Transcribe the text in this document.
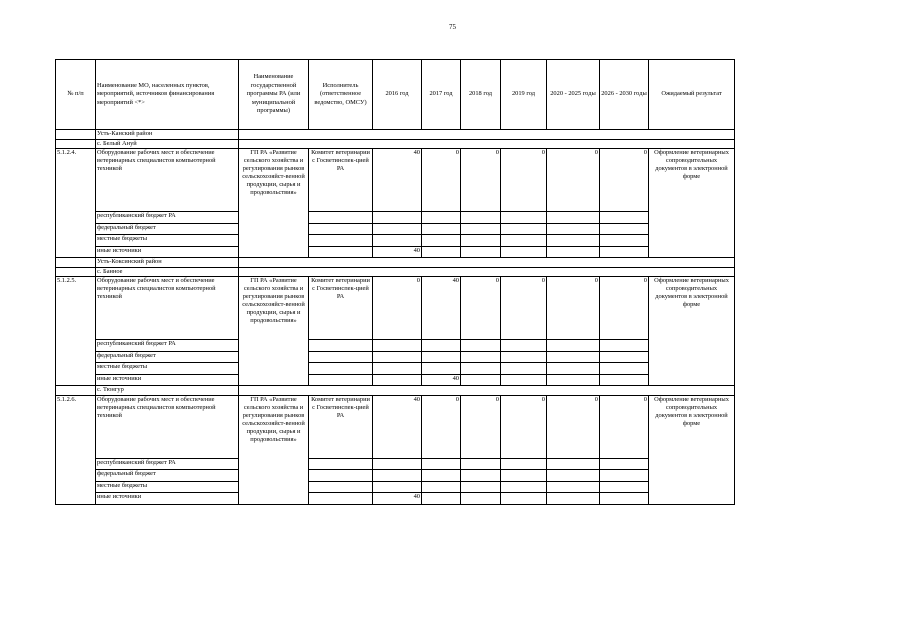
75
№ п/п	Наименование МО, населенных пунктов, мероприятий, источников финансирования мероприятий <*>	Наименование государственной программы РА (или муниципальной программы)	Исполнитель (ответственное ведомство, ОМСУ)	2016 год	2017 год	2018 год	2019 год	2020 - 2025 годы	2026 - 2030 годы	Ожидаемый результат
	Усть-Канский район									
	с. Белый Ануй									
5.1.2.4.	Оборудование рабочих мест и обеспечение ветеринарных специалистов компьютерной техникой	ГП РА «Развитие сельского хозяйства и регулирования рынков сельскохозяйст-венной продукции, сырья и продовольствия»	Комитет ветеринарии с Госветинспек-цией РА	40	0	0	0	0	0	Оформление ветеринарных сопроводительных документов в электронной форме
	республиканский бюджет РА									
	федеральный бюджет									
	местные бюджеты									
	иные источники			40						
	Усть-Коксинский район									
	с. Банное									
5.1.2.5.	Оборудование рабочих мест и обеспечение ветеринарных специалистов компьютерной техникой	ГП РА «Развитие сельского хозяйства и регулирования рынков сельскохозяйст-венной продукции, сырья и продовольствия»	Комитет ветеринарии с Госветинспек-цией РА	0	40	0	0	0	0	Оформление ветеринарных сопроводительных документов в электронной форме
	республиканский бюджет РА									
	федеральный бюджет									
	местные бюджеты									
	иные источники				40					
	с. Тюнгур									
5.1.2.6.	Оборудование рабочих мест и обеспечение ветеринарных специалистов компьютерной техникой	ГП РА «Развитие сельского хозяйства и регулирования рынков сельскохозяйст-венной продукции, сырья и продовольствия»	Комитет ветеринарии с Госветинспек-цией РА	40	0	0	0	0	0	Оформление ветеринарных сопроводительных документов в электронной форме
	республиканский бюджет РА									
	федеральный бюджет									
	местные бюджеты									
	иные источники			40						
